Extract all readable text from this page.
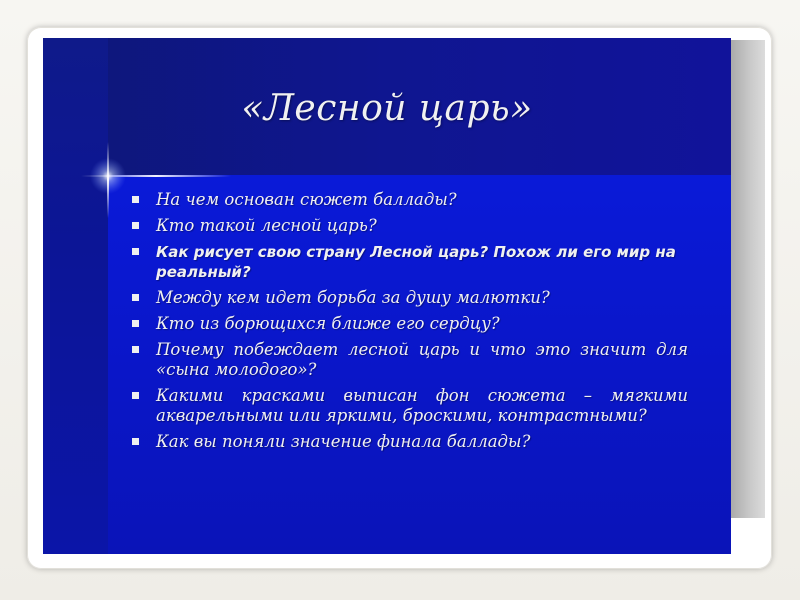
«Лесной царь»
На чем основан сюжет баллады?
Кто такой лесной царь?
Как рисует свою страну Лесной царь? Похож ли его мир на реальный?
Между кем идет борьба за душу малютки?
Кто из борющихся ближе его сердцу?
Почему побеждает лесной царь и что это значит для «сына молодого»?
Какими красками выписан фон сюжета – мягкими акварельными или яркими, броскими, контрастными?
Как вы поняли значение финала баллады?
